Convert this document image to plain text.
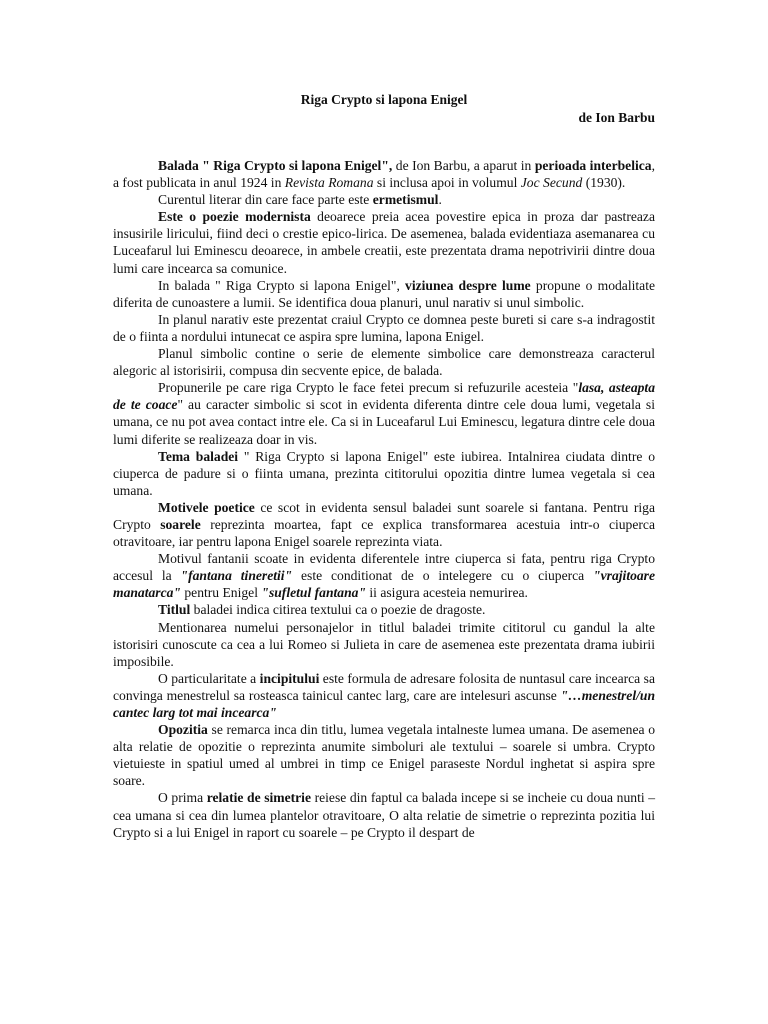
Riga Crypto si lapona Enigel
de Ion Barbu

Balada " Riga Crypto si lapona Enigel", de Ion Barbu, a aparut in perioada interbelica, a fost publicata in anul 1924 in Revista Romana si inclusa apoi in volumul Joc Secund (1930).

Curentul literar din care face parte este ermetismul.

Este o poezie modernista deoarece preia acea povestire epica in proza dar pastreaza insusirile liricului, fiind deci o crestie epico-lirica. De asemenea, balada evidentiaza asemanarea cu Luceafarul lui Eminescu deoarece, in ambele creatii, este prezentata drama nepotrivirii dintre doua lumi care incearca sa comunice.

In balada " Riga Crypto si lapona Enigel", viziunea despre lume propune o modalitate diferita de cunoastere a lumii. Se identifica doua planuri, unul narativ si unul simbolic.

In planul narativ este prezentat craiul Crypto ce domnea peste bureti si care s-a indragostit de o fiinta a nordului intunecat ce aspira spre lumina, lapona Enigel.

Planul simbolic contine o serie de elemente simbolice care demonstreaza caracterul alegoric al istorisirii, compusa din secvente epice, de balada.

Propunerile pe care riga Crypto le face fetei precum si refuzurile acesteia "lasa, asteapta de te coace" au caracter simbolic si scot in evidenta diferenta dintre cele doua lumi, vegetala si umana, ce nu pot avea contact intre ele. Ca si in Luceafarul Lui Eminescu, legatura dintre cele doua lumi diferite se realizeaza doar in vis.

Tema baladei " Riga Crypto si lapona Enigel" este iubirea. Intalnirea ciudata dintre o ciuperca de padure si o fiinta umana, prezinta cititorului opozitia dintre lumea vegetala si cea umana.

Motivele poetice ce scot in evidenta sensul baladei sunt soarele si fantana. Pentru riga Crypto soarele reprezinta moartea, fapt ce explica transformarea acestuia intr-o ciuperca otravitoare, iar pentru lapona Enigel soarele reprezinta viata.

Motivul fantanii scoate in evidenta diferentele intre ciuperca si fata, pentru riga Crypto accesul la "fantana tineretii" este conditionat de o intelegere cu o ciuperca "vrajitoare manatarca" pentru Enigel "sufletul fantana" ii asigura acesteia nemurirea.

Titlul baladei indica citirea textului ca o poezie de dragoste.

Mentionarea numelui personajelor in titlul baladei trimite cititorul cu gandul la alte istorisiri cunoscute ca cea a lui Romeo si Julieta in care de asemenea este prezentata drama iubirii imposibile.

O particularitate a incipitului este formula de adresare folosita de nuntasul care incearca sa convinga menestrelul sa rosteasca tainicul cantec larg, care are intelesuri ascunse "…menestrel/un cantec larg tot mai incearca"

Opozitia se remarca inca din titlu, lumea vegetala intalneste lumea umana. De asemenea o alta relatie de opozitie o reprezinta anumite simboluri ale textului – soarele si umbra. Crypto vietuieste in spatiul umed al umbrei in timp ce Enigel paraseste Nordul inghetat si aspira spre soare.

O prima relatie de simetrie reiese din faptul ca balada incepe si se incheie cu doua nunti – cea umana si cea din lumea plantelor otravitoare, O alta relatie de simetrie o reprezinta pozitia lui Crypto si a lui Enigel in raport cu soarele – pe Crypto il despart de
